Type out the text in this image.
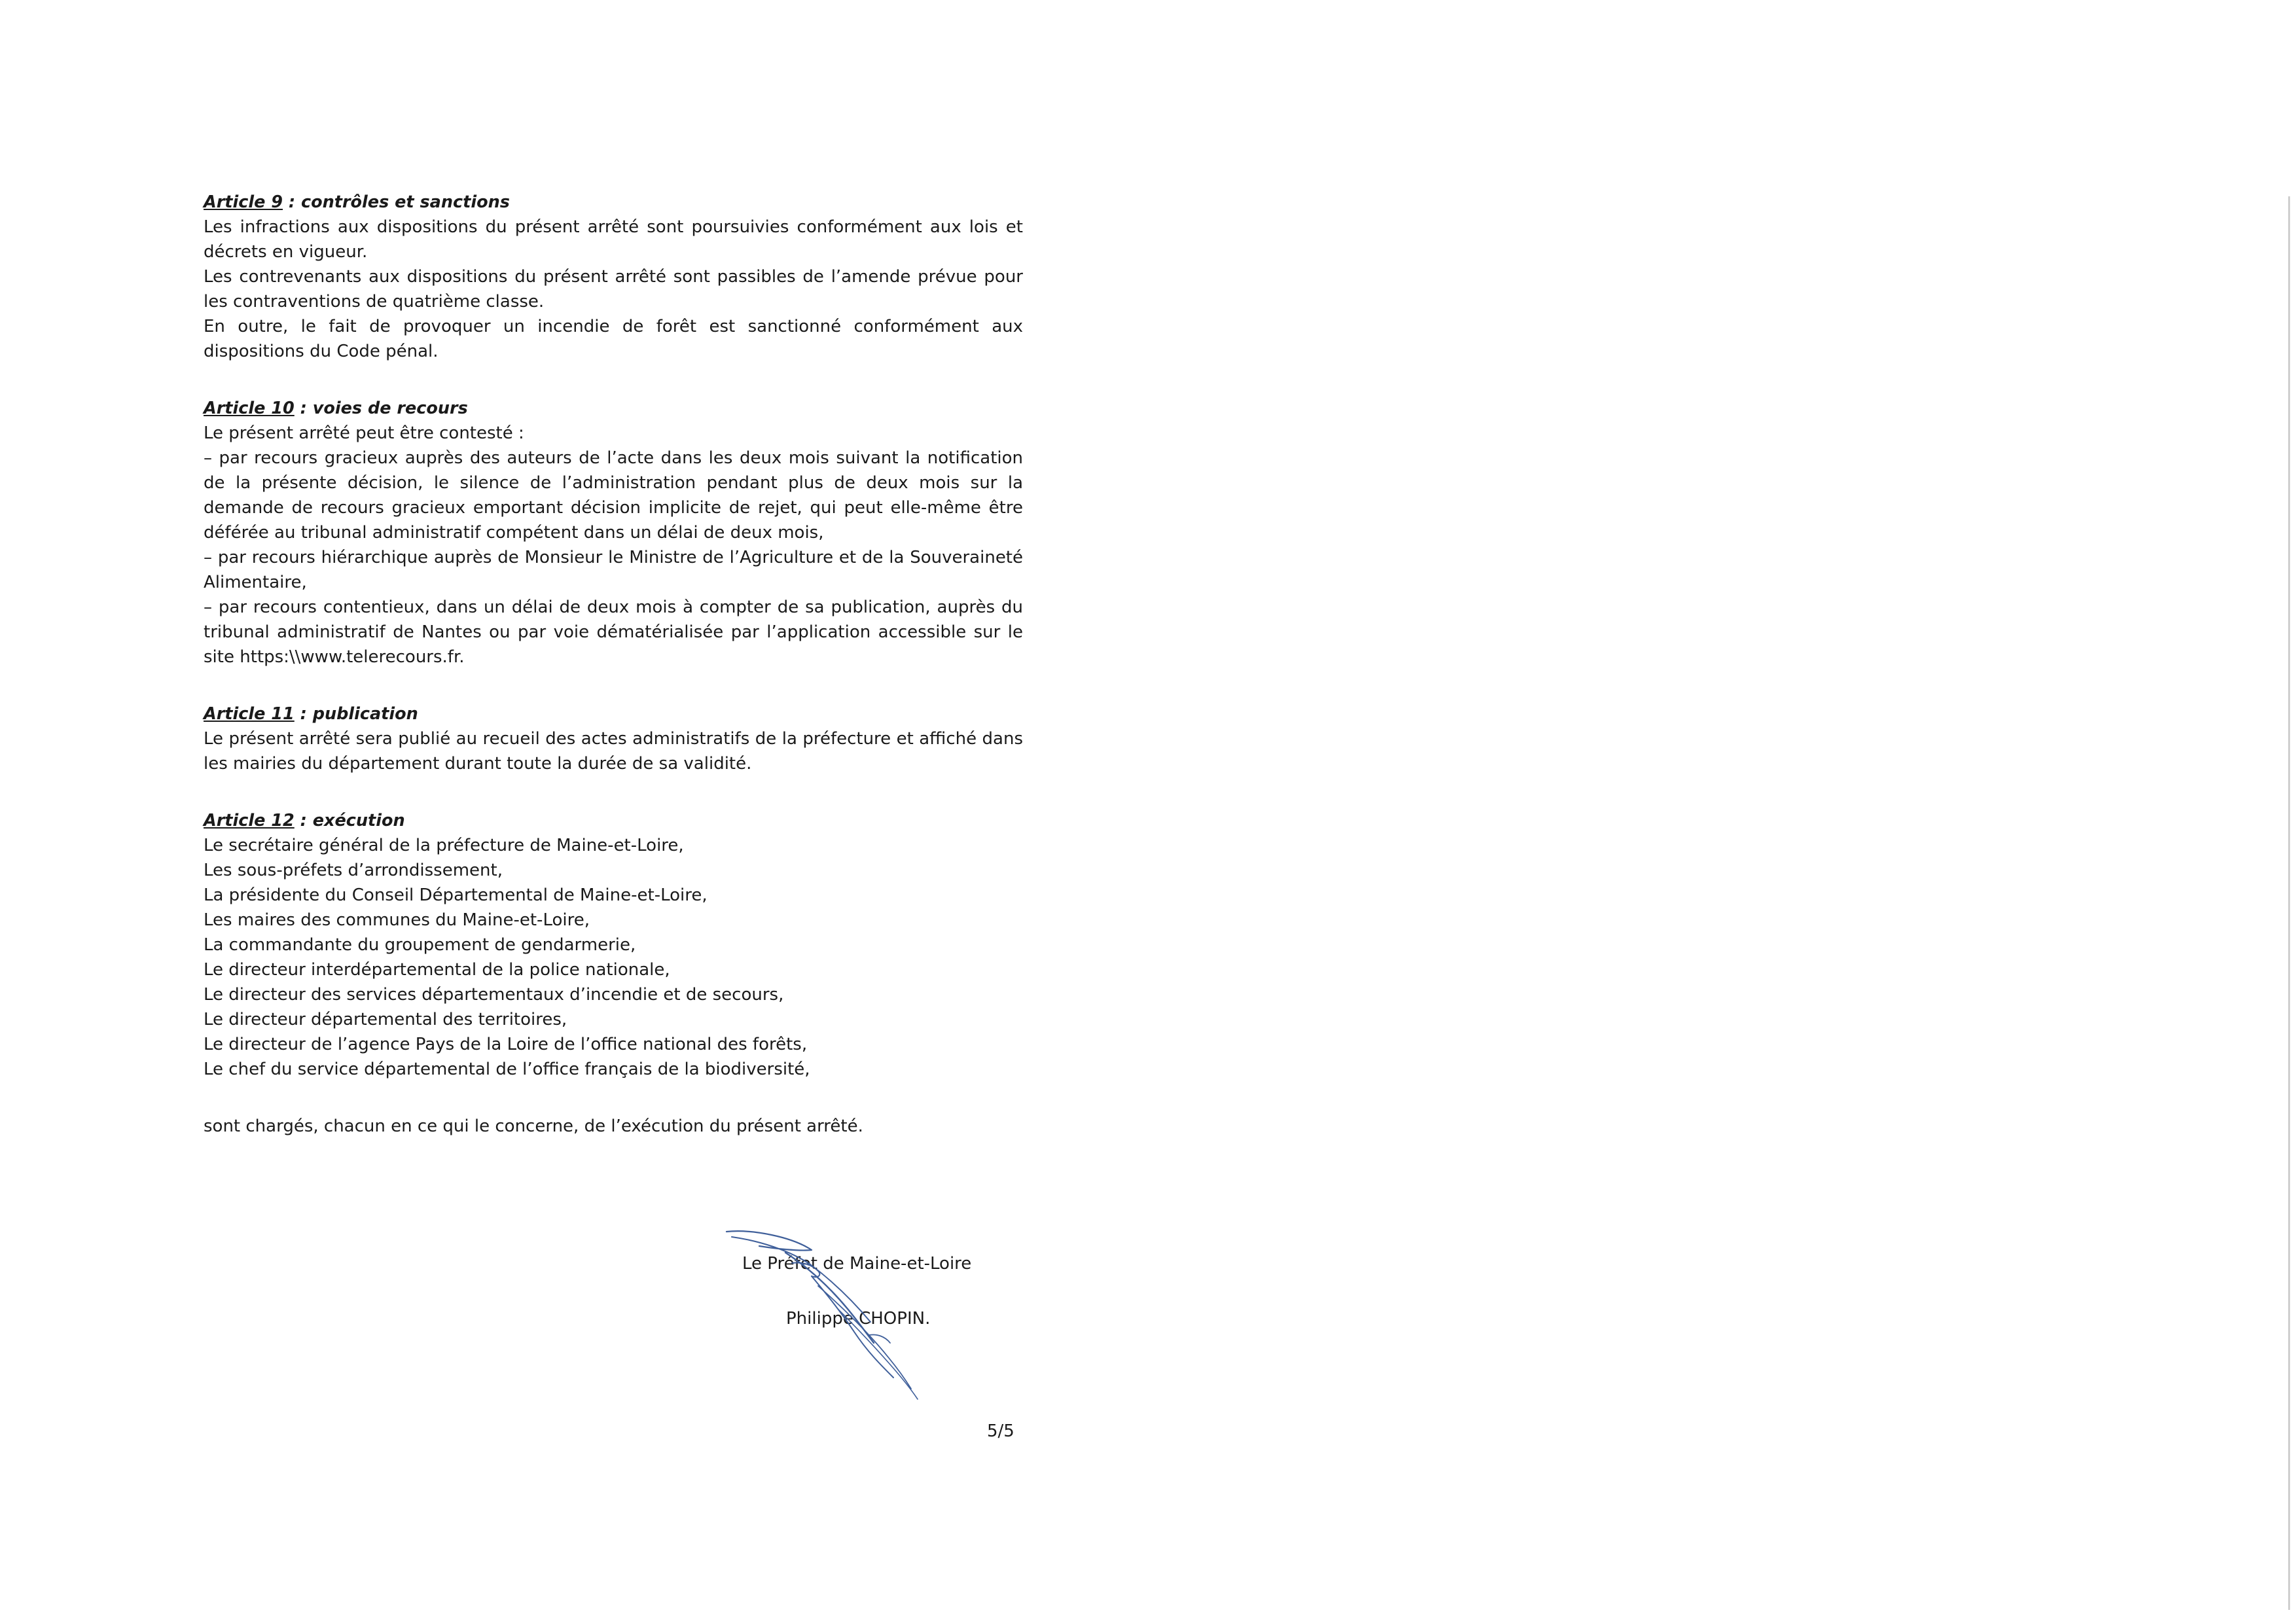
Article 9 : contrôles et sanctions
Les infractions aux dispositions du présent arrêté sont poursuivies conformément aux lois et décrets en vigueur.
Les contrevenants aux dispositions du présent arrêté sont passibles de l’amende prévue pour les contraventions de quatrième classe.
En outre, le fait de provoquer un incendie de forêt est sanctionné conformément aux dispositions du Code pénal.
Article 10 : voies de recours
Le présent arrêté peut être contesté :
– par recours gracieux auprès des auteurs de l’acte dans les deux mois suivant la notification de la présente décision, le silence de l’administration pendant plus de deux mois sur la demande de recours gracieux emportant décision implicite de rejet, qui peut elle-même être déférée au tribunal administratif compétent dans un délai de deux mois,
– par recours hiérarchique auprès de Monsieur le Ministre de l’Agriculture et de la Souveraineté Alimentaire,
– par recours contentieux, dans un délai de deux mois à compter de sa publication, auprès du tribunal administratif de Nantes ou par voie dématérialisée par l’application accessible sur le site https:\\www.telerecours.fr.
Article 11 : publication
Le présent arrêté sera publié au recueil des actes administratifs de la préfecture et affiché dans les mairies du département durant toute la durée de sa validité.
Article 12 : exécution
Le secrétaire général de la préfecture de Maine-et-Loire,
Les sous-préfets d’arrondissement,
La présidente du Conseil Départemental de Maine-et-Loire,
Les maires des communes du Maine-et-Loire,
La commandante du groupement de gendarmerie,
Le directeur interdépartemental de la police nationale,
Le directeur des services départementaux d’incendie et de secours,
Le directeur départemental des territoires,
Le directeur de l’agence Pays de la Loire de l’office national des forêts,
Le chef du service départemental de l’office français de la biodiversité,
sont chargés, chacun en ce qui le concerne, de l’exécution du présent arrêté.
Le Préfet de Maine-et-Loire
Philippe CHOPIN.
5/5
